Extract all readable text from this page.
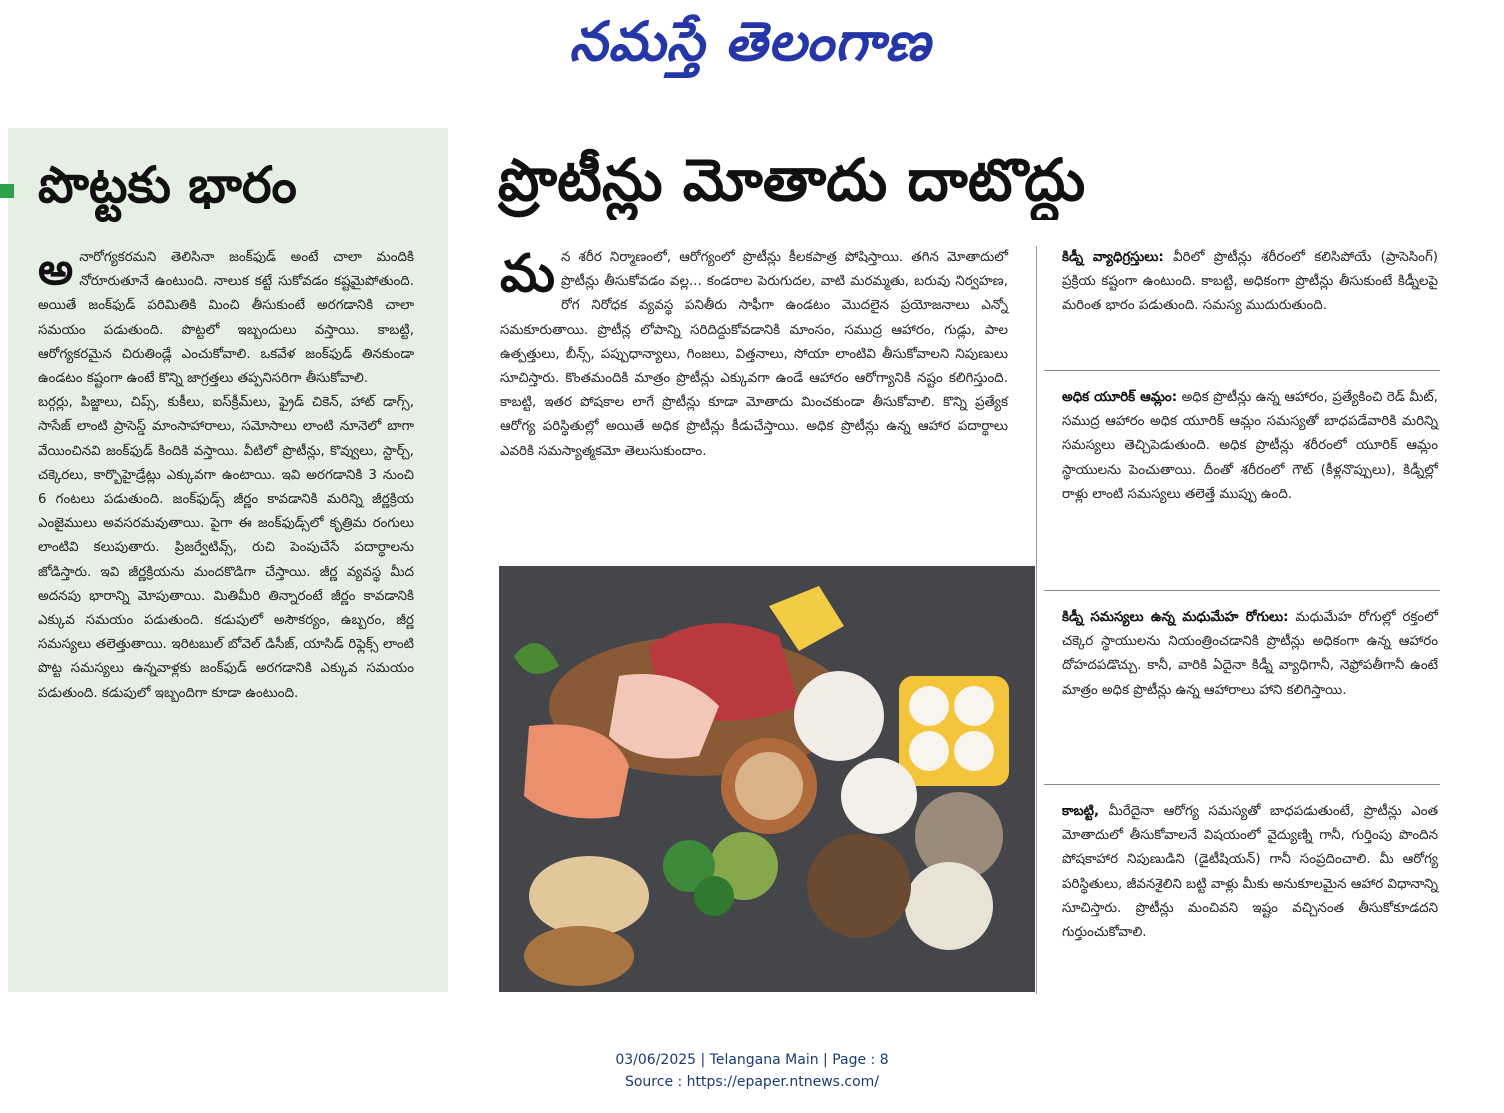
నమస్తే తెలంగాణ
పొట్టకు భారం
అ నారోగ్యకరమని తెలిసినా జంక్‌ఫుడ్ అంటే చాలా మందికి నోరూరుతూనే ఉంటుంది. నాలుక కట్టే సుకోవడం కష్టమైపోతుంది. అయితే జంక్‌ఫుడ్ పరిమితికి మించి తీసుకుంటే అరగడానికి చాలా సమయం పడుతుంది. పొట్టలో ఇబ్బందులు వస్తాయి. కాబట్టి, ఆరోగ్యకరమైన చిరుతిండ్లే ఎంచుకోవాలి. ఒకవేళ జంక్‌ఫుడ్ తినకుండా ఉండటం కష్టంగా ఉంటే కొన్ని జాగ్రత్తలు తప్పనిసరిగా తీసుకోవాలి.

బర్గర్లు, పిజ్జాలు, చిప్స్, కుకీలు, ఐస్‌క్రీమ్‌లు, ఫ్రైడ్ చికెన్, హాట్ డాగ్స్, సాసేజ్ లాంటి ప్రాసెస్డ్ మాంసాహారాలు, సమోసాలు లాంటి నూనెలో బాగా వేయించినవి జంక్‌ఫుడ్ కిందికి వస్తాయి. వీటిలో ప్రొటీన్లు, కొవ్వులు, స్టార్చ్, చక్కెరలు, కార్బొహైడ్రేట్లు ఎక్కువగా ఉంటాయి. ఇవి అరగడానికి 3 నుంచి 6 గంటలు పడుతుంది. జంక్‌ఫుడ్స్ జీర్ణం కావడానికి మరిన్ని జీర్ణక్రియ ఎంజైములు అవసరమవుతాయి. పైగా ఈ జంక్‌ఫుడ్స్‌లో కృత్రిమ రంగులు లాంటివి కలుపుతారు. ప్రిజర్వేటివ్స్, రుచి పెంపుచేసే పదార్థాలను జోడిస్తారు. ఇవి జీర్ణక్రియను మందకొడిగా చేస్తాయి. జీర్ణ వ్యవస్థ మీద అదనపు భారాన్ని మోపుతాయి. మితిమీరి తిన్నారంటే జీర్ణం కావడానికి ఎక్కువ సమయం పడుతుంది. కడుపులో అసౌకర్యం, ఉబ్బరం, జీర్ణ సమస్యలు తలెత్తుతాయి. ఇరిటబుల్ బోవెల్ డిసీజ్, యాసిడ్ రిఫ్లెక్స్ లాంటి పొట్ట సమస్యలు ఉన్నవాళ్లకు జంక్‌ఫుడ్ అరగడానికి ఎక్కువ సమయం పడుతుంది. కడుపులో ఇబ్బందిగా కూడా ఉంటుంది.

ప్రొటీన్లు మోతాదు దాటొద్దు
మ న శరీర నిర్మాణంలో, ఆరోగ్యంలో ప్రొటీన్లు కీలకపాత్ర పోషిస్తాయి. తగిన మోతాదులో ప్రొటీన్లు తీసుకోవడం వల్ల... కండరాల పెరుగుదల, వాటి మరమ్మతు, బరువు నిర్వహణ, రోగ నిరోధక వ్యవస్థ పనితీరు సాఫీగా ఉండటం మొదలైన ప్రయోజనాలు ఎన్నో సమకూరుతాయి. ప్రొటీన్ల లోపాన్ని సరిదిద్దుకోవడానికి మాంసం, సముద్ర ఆహారం, గుడ్లు, పాల ఉత్పత్తులు, బీన్స్, పప్పుధాన్యాలు, గింజలు, విత్తనాలు, సోయా లాంటివి తీసుకోవాలని నిపుణులు సూచిస్తారు. కొంతమందికి మాత్రం ప్రొటీన్లు ఎక్కువగా ఉండే ఆహారం ఆరోగ్యానికి నష్టం కలిగిస్తుంది. కాబట్టి, ఇతర పోషకాల లాగే ప్రొటీన్లు కూడా మోతాదు మించకుండా తీసుకోవాలి. కొన్ని ప్రత్యేక ఆరోగ్య పరిస్థితుల్లో అయితే అధిక ప్రొటీన్లు కీడుచేస్తాయి. అధిక ప్రొటీన్లు ఉన్న ఆహార పదార్థాలు ఎవరికి సమస్యాత్మకమో తెలుసుకుందాం.
కిడ్నీ వ్యాధిగ్రస్తులు: వీరిలో ప్రొటీన్లు శరీరంలో కలిసిపోయే (ప్రాసెసింగ్) ప్రక్రియ కష్టంగా ఉంటుంది. కాబట్టి, అధికంగా ప్రొటీన్లు తీసుకుంటే కిడ్నీలపై మరింత భారం పడుతుంది. సమస్య ముదురుతుంది.
అధిక యూరిక్ ఆమ్లం: అధిక ప్రొటీన్లు ఉన్న ఆహారం, ప్రత్యేకించి రెడ్ మీట్, సముద్ర ఆహారం అధిక యూరిక్ ఆమ్లం సమస్యతో బాధపడేవారికి మరిన్ని సమస్యలు తెచ్చిపెడుతుంది. అధిక ప్రొటీన్లు శరీరంలో యూరిక్ ఆమ్లం స్థాయులను పెంచుతాయి. దీంతో శరీరంలో గౌట్ (కీళ్లనొప్పులు), కిడ్నీల్లో రాళ్లు లాంటి సమస్యలు తలెత్తే ముప్పు ఉంది.
కిడ్నీ సమస్యలు ఉన్న మధుమేహ రోగులు: మధుమేహ రోగుల్లో రక్తంలో చక్కెర స్థాయులను నియంత్రించడానికి ప్రొటీన్లు అధికంగా ఉన్న ఆహారం దోహదపడొచ్చు. కానీ, వారికి ఏదైనా కిడ్నీ వ్యాధిగానీ, నెఫ్రోపతీగానీ ఉంటే మాత్రం అధిక ప్రొటీన్లు ఉన్న ఆహారాలు హాని కలిగిస్తాయి.
కాబట్టి, మీరేదైనా ఆరోగ్య సమస్యతో బాధపడుతుంటే, ప్రొటీన్లు ఎంత మోతాదులో తీసుకోవాలనే విషయంలో వైద్యుణ్ని గానీ, గుర్తింపు పొందిన పోషకాహార నిపుణుడిని (డైటీషియన్) గానీ సంప్రదించాలి. మీ ఆరోగ్య పరిస్థితులు, జీవనశైలిని బట్టి వాళ్లు మీకు అనుకూలమైన ఆహార విధానాన్ని సూచిస్తారు. ప్రొటీన్లు మంచివని ఇష్టం వచ్చినంత తీసుకోకూడదని గుర్తుంచుకోవాలి.
03/06/2025 | Telangana Main | Page : 8
Source : https://epaper.ntnews.com/
